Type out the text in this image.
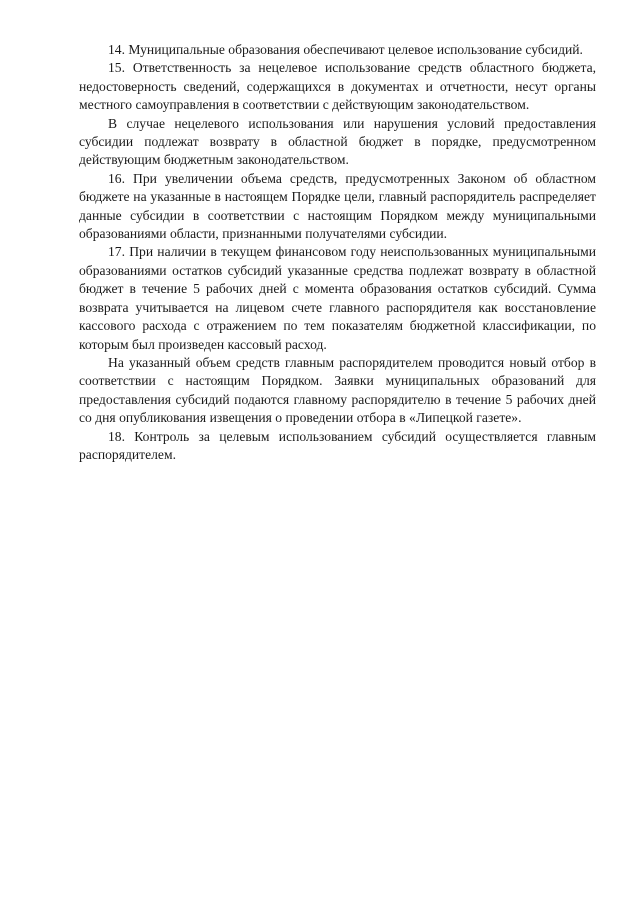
14. Муниципальные образования обеспечивают целевое использование субсидий.

15. Ответственность за нецелевое использование средств областного бюджета, недостоверность сведений, содержащихся в документах и отчетности, несут органы местного самоуправления в соответствии с действующим законодательством.

В случае нецелевого использования или нарушения условий предоставления субсидии подлежат возврату в областной бюджет в порядке, предусмотренном действующим бюджетным законодательством.

16. При увеличении объема средств, предусмотренных Законом об областном бюджете на указанные в настоящем Порядке цели, главный распорядитель распределяет данные субсидии в соответствии с настоящим Порядком между муниципальными образованиями области, признанными получателями субсидии.

17. При наличии в текущем финансовом году неиспользованных муниципальными образованиями остатков субсидий указанные средства подлежат возврату в областной бюджет в течение 5 рабочих дней с момента образования остатков субсидий. Сумма возврата учитывается на лицевом счете главного распорядителя как восстановление кассового расхода с отражением по тем показателям бюджетной классификации, по которым был произведен кассовый расход.

На указанный объем средств главным распорядителем проводится новый отбор в соответствии с настоящим Порядком. Заявки муниципальных образований для предоставления субсидий подаются главному распорядителю в течение 5 рабочих дней со дня опубликования извещения о проведении отбора в «Липецкой газете».

18. Контроль за целевым использованием субсидий осуществляется главным распорядителем.
